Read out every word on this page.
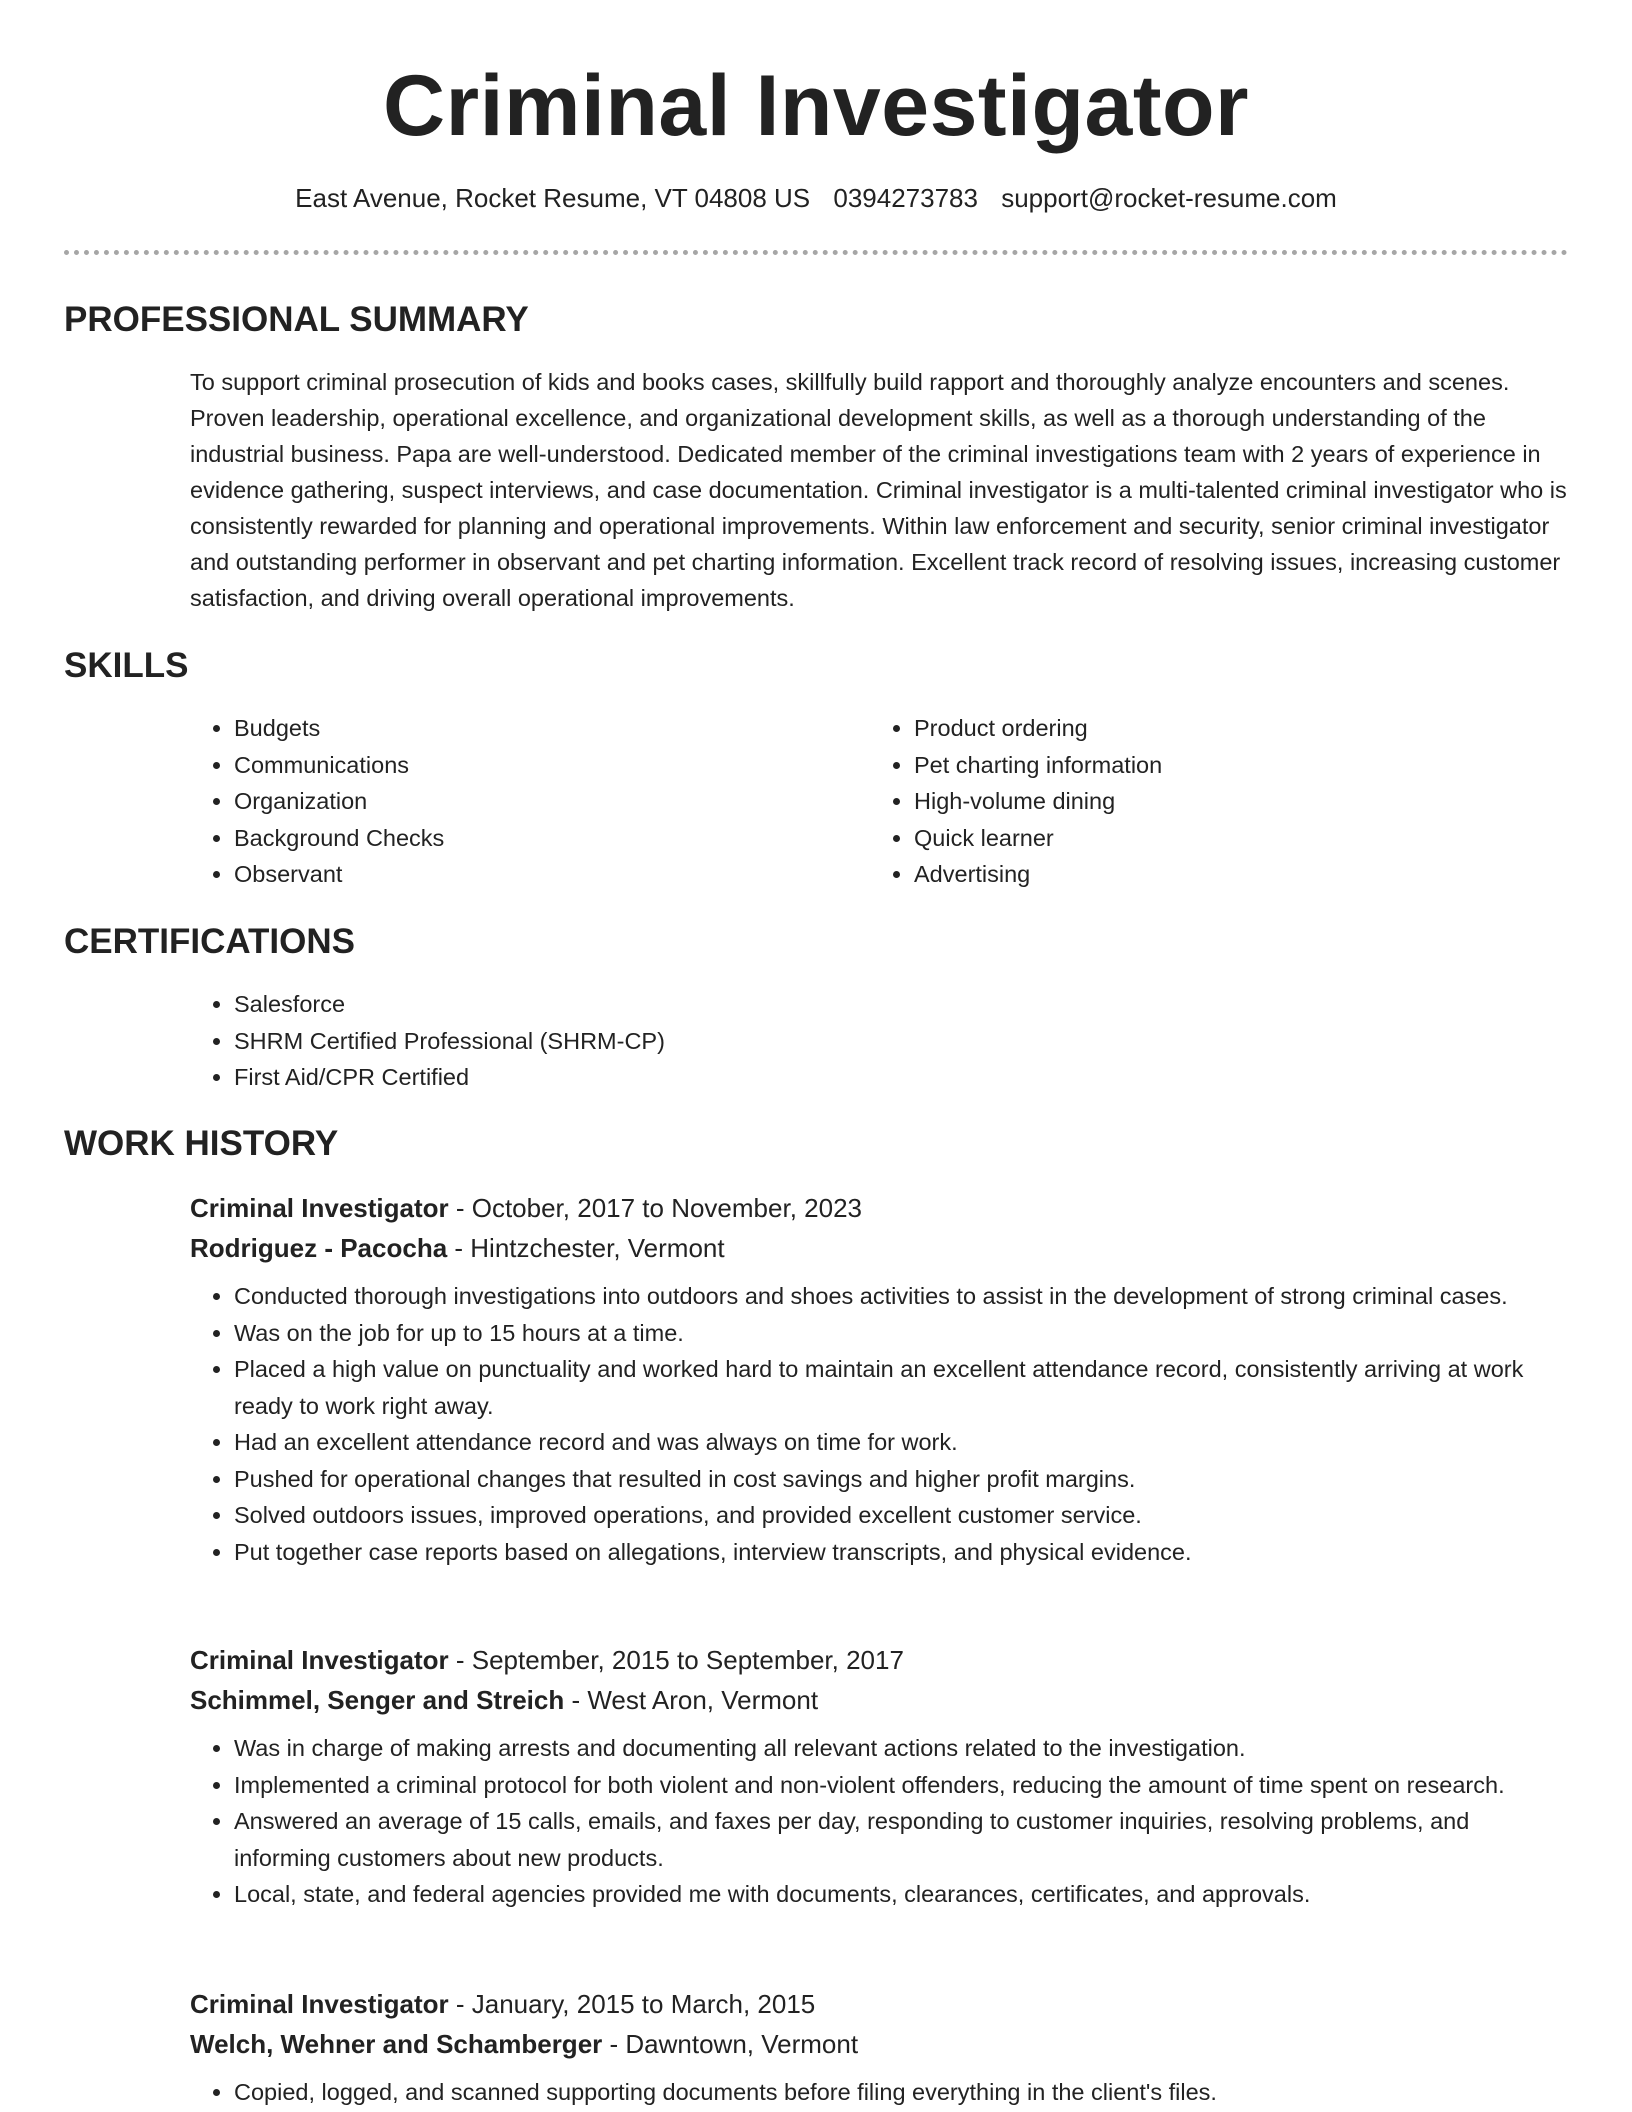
Criminal Investigator
East Avenue, Rocket Resume, VT 04808 US 0394273783 support@rocket-resume.com
PROFESSIONAL SUMMARY

To support criminal prosecution of kids and books cases, skillfully build rapport and thoroughly analyze encounters and scenes. Proven leadership, operational excellence, and organizational development skills, as well as a thorough understanding of the industrial business. Papa are well-understood. Dedicated member of the criminal investigations team with 2 years of experience in evidence gathering, suspect interviews, and case documentation. Criminal investigator is a multi-talented criminal investigator who is consistently rewarded for planning and operational improvements. Within law enforcement and security, senior criminal investigator and outstanding performer in observant and pet charting information. Excellent track record of resolving issues, increasing customer satisfaction, and driving overall operational improvements.

SKILLS
• Budgets
• Communications
• Organization
• Background Checks
• Observant
• Product ordering
• Pet charting information
• High-volume dining
• Quick learner
• Advertising
CERTIFICATIONS
• Salesforce
• SHRM Certified Professional (SHRM-CP)
• First Aid/CPR Certified
WORK HISTORY

Criminal Investigator - October, 2017 to November, 2023

Rodriguez - Pacocha - Hintzchester, Vermont

• Conducted thorough investigations into outdoors and shoes activities to assist in the development of strong criminal cases.
• Was on the job for up to 15 hours at a time.
• Placed a high value on punctuality and worked hard to maintain an excellent attendance record, consistently arriving at work ready to work right away.
• Had an excellent attendance record and was always on time for work.
• Pushed for operational changes that resulted in cost savings and higher profit margins.
• Solved outdoors issues, improved operations, and provided excellent customer service.
• Put together case reports based on allegations, interview transcripts, and physical evidence.

Criminal Investigator - September, 2015 to September, 2017

Schimmel, Senger and Streich - West Aron, Vermont

• Was in charge of making arrests and documenting all relevant actions related to the investigation.
• Implemented a criminal protocol for both violent and non-violent offenders, reducing the amount of time spent on research.
• Answered an average of 15 calls, emails, and faxes per day, responding to customer inquiries, resolving problems, and informing customers about new products.
• Local, state, and federal agencies provided me with documents, clearances, certificates, and approvals.

Criminal Investigator - January, 2015 to March, 2015

Welch, Wehner and Schamberger - Dawntown, Vermont

• Copied, logged, and scanned supporting documents before filing everything in the client's files.
